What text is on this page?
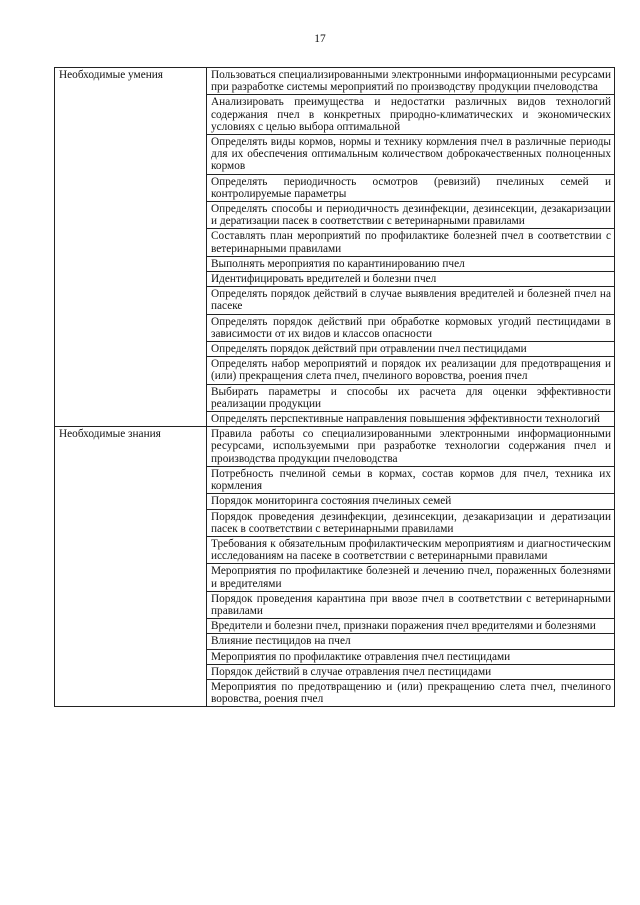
17
Необходимые умения	Пользоваться специализированными электронными информационными ресурсами при разработке системы мероприятий по производству продукции пчеловодства
	Анализировать преимущества и недостатки различных видов технологий содержания пчел в конкретных природно-климатических и экономических условиях с целью выбора оптимальной
	Определять виды кормов, нормы и технику кормления пчел в различные периоды для их обеспечения оптимальным количеством доброкачественных полноценных кормов
	Определять периодичность осмотров (ревизий) пчелиных семей и контролируемые параметры
	Определять способы и периодичность дезинфекции, дезинсекции, дезакаризации и дератизации пасек в соответствии с ветеринарными правилами
	Составлять план мероприятий по профилактике болезней пчел в соответствии с ветеринарными правилами
	Выполнять мероприятия по карантинированию пчел
	Идентифицировать вредителей и болезни пчел
	Определять порядок действий в случае выявления вредителей и болезней пчел на пасеке
	Определять порядок действий при обработке кормовых угодий пестицидами в зависимости от их видов и классов опасности
	Определять порядок действий при отравлении пчел пестицидами
	Определять набор мероприятий и порядок их реализации для предотвращения и (или) прекращения слета пчел, пчелиного воровства, роения пчел
	Выбирать параметры и способы их расчета для оценки эффективности реализации продукции
	Определять перспективные направления повышения эффективности технологий
Необходимые знания	Правила работы со специализированными электронными информационными ресурсами, используемыми при разработке технологии содержания пчел и производства продукции пчеловодства
	Потребность пчелиной семьи в кормах, состав кормов для пчел, техника их кормления
	Порядок мониторинга состояния пчелиных семей
	Порядок проведения дезинфекции, дезинсекции, дезакаризации и дератизации пасек в соответствии с ветеринарными правилами
	Требования к обязательным профилактическим мероприятиям и диагностическим исследованиям на пасеке в соответствии с ветеринарными правилами
	Мероприятия по профилактике болезней и лечению пчел, пораженных болезнями и вредителями
	Порядок проведения карантина при ввозе пчел в соответствии с ветеринарными правилами
	Вредители и болезни пчел, признаки поражения пчел вредителями и болезнями
	Влияние пестицидов на пчел
	Мероприятия по профилактике отравления пчел пестицидами
	Порядок действий в случае отравления пчел пестицидами
	Мероприятия по предотвращению и (или) прекращению слета пчел, пчелиного воровства, роения пчел
